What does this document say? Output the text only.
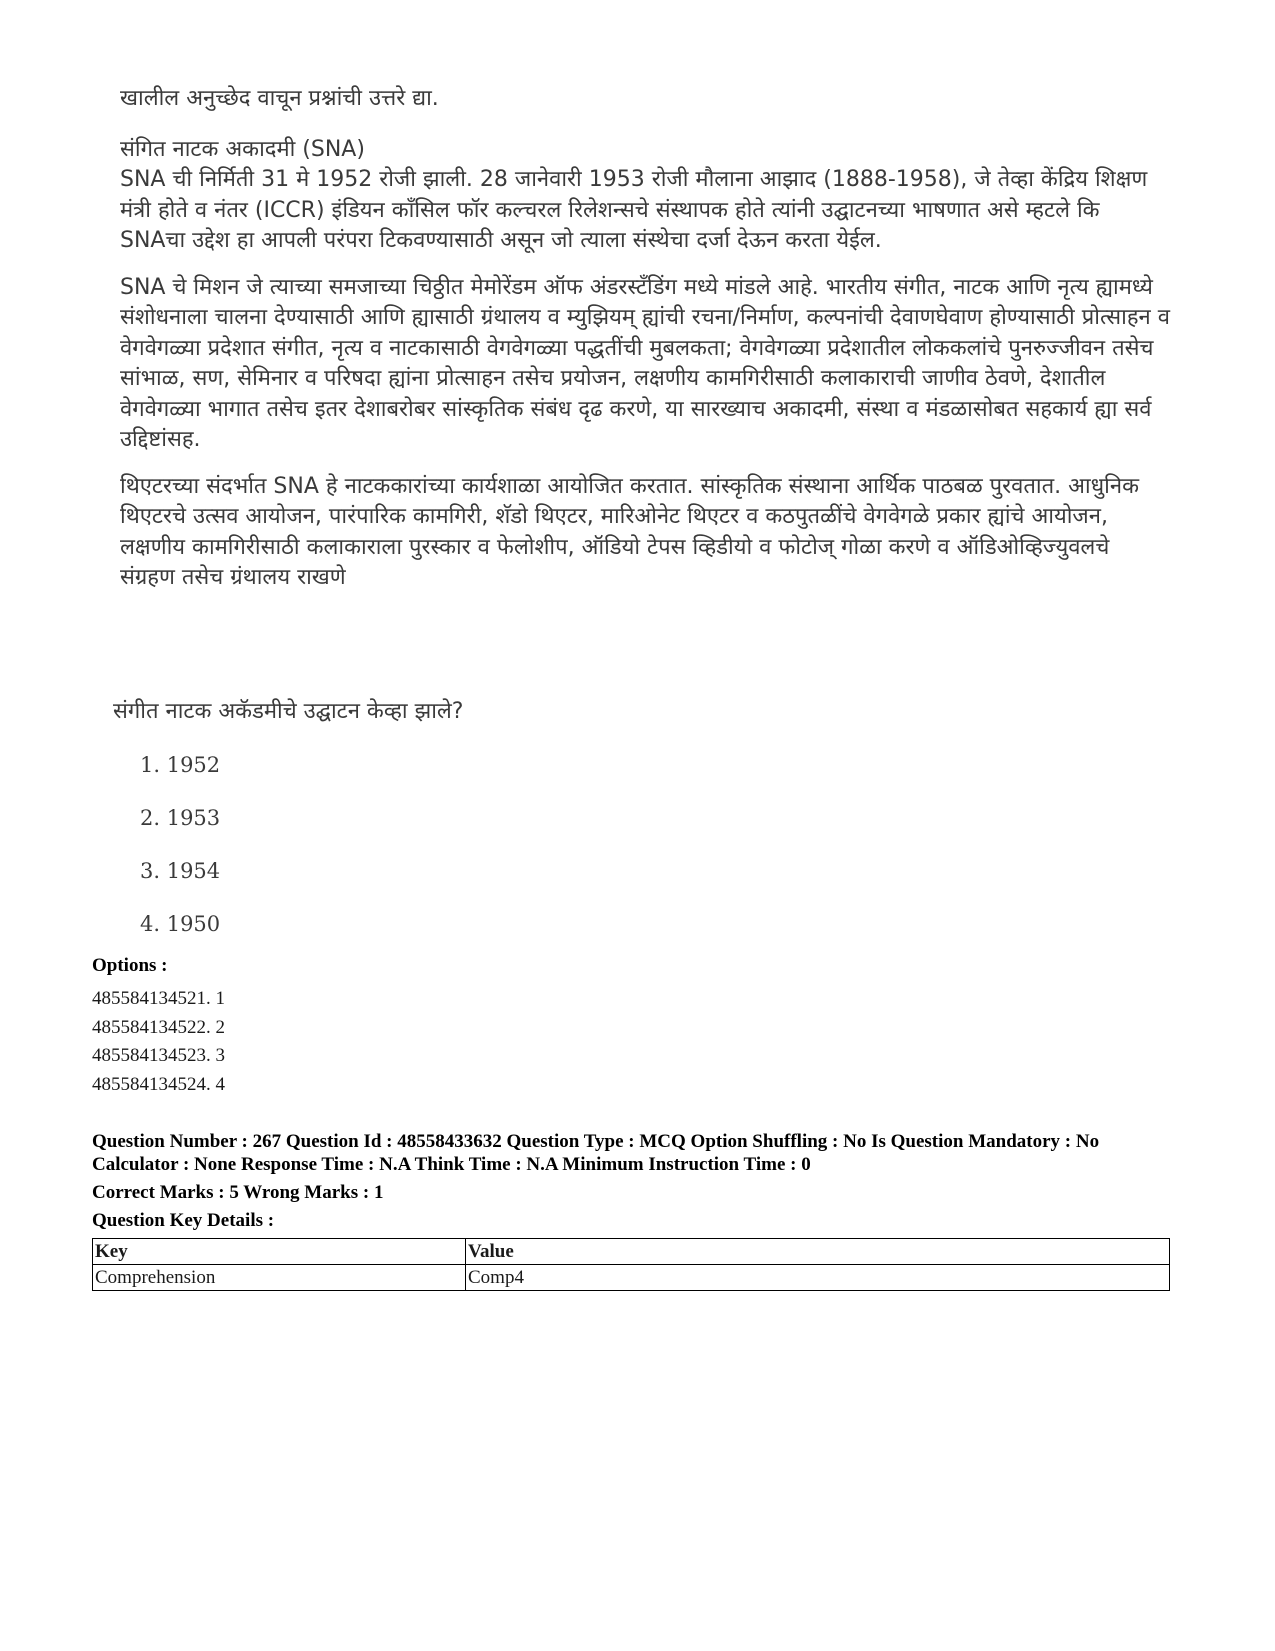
खालील अनुच्छेद वाचून प्रश्नांची उत्तरे द्या.

संगित नाटक अकादमी (SNA)

SNA ची निर्मिती 31 मे 1952 रोजी झाली. 28 जानेवारी 1953 रोजी मौलाना आझाद (1888-1958), जे तेव्हा केंद्रिय शिक्षण मंत्री होते व नंतर (ICCR) इंडियन कॉंसिल फॉर कल्चरल रिलेशन्सचे संस्थापक होते त्यांनी उद्घाटनच्या भाषणात असे म्हटले कि SNAचा उद्देश हा आपली परंपरा टिकवण्यासाठी असून जो त्याला संस्थेचा दर्जा देऊन करता येईल.

SNA चे मिशन जे त्याच्या समजाच्या चिठ्ठीत मेमोरेंडम ऑफ अंडरस्टॅंडिंग मध्ये मांडले आहे. भारतीय संगीत, नाटक आणि नृत्य ह्यामध्ये संशोधनाला चालना देण्यासाठी आणि ह्यासाठी ग्रंथालय व म्युझियम् ह्यांची रचना/निर्माण, कल्पनांची देवाणघेवाण होण्यासाठी प्रोत्साहन व वेगवेगळ्या प्रदेशात संगीत, नृत्य व नाटकासाठी वेगवेगळ्या पद्धतींची मुबलकता; वेगवेगळ्या प्रदेशातील लोककलांचे पुनरुज्जीवन तसेच सांभाळ, सण, सेमिनार व परिषदा ह्यांना प्रोत्साहन तसेच प्रयोजन, लक्षणीय कामगिरीसाठी कलाकाराची जाणीव ठेवणे, देशातील वेगवेगळ्या भागात तसेच इतर देशाबरोबर सांस्कृतिक संबंध दृढ करणे, या सारख्याच अकादमी, संस्था व मंडळासोबत सहकार्य ह्या सर्व उद्दिष्टांसह.

थिएटरच्या संदर्भात SNA हे नाटककारांच्या कार्यशाळा आयोजित करतात. सांस्कृतिक संस्थाना आर्थिक पाठबळ पुरवतात. आधुनिक थिएटरचे उत्सव आयोजन, पारंपारिक कामगिरी, शॅडो थिएटर, मारिओनेट थिएटर व कठपुतळींचे वेगवेगळे प्रकार ह्यांचे आयोजन, लक्षणीय कामगिरीसाठी कलाकाराला पुरस्कार व फेलोशीप, ऑडियो टेपस व्हिडीयो व फोटोज् गोळा करणे व ऑडिओव्हिज्युवलचे संग्रहण तसेच ग्रंथालय राखणे

संगीत नाटक अकॅडमीचे उद्घाटन केव्हा झाले?
1. 1952
2. 1953
3. 1954
4. 1950
Options :
485584134521. 1
485584134522. 2
485584134523. 3
485584134524. 4
Question Number : 267 Question Id : 48558433632 Question Type : MCQ Option Shuffling : No Is Question Mandatory : No Calculator : None Response Time : N.A Think Time : N.A Minimum Instruction Time : 0
Correct Marks : 5 Wrong Marks : 1
Question Key Details :
Key	Value
Comprehension	Comp4
